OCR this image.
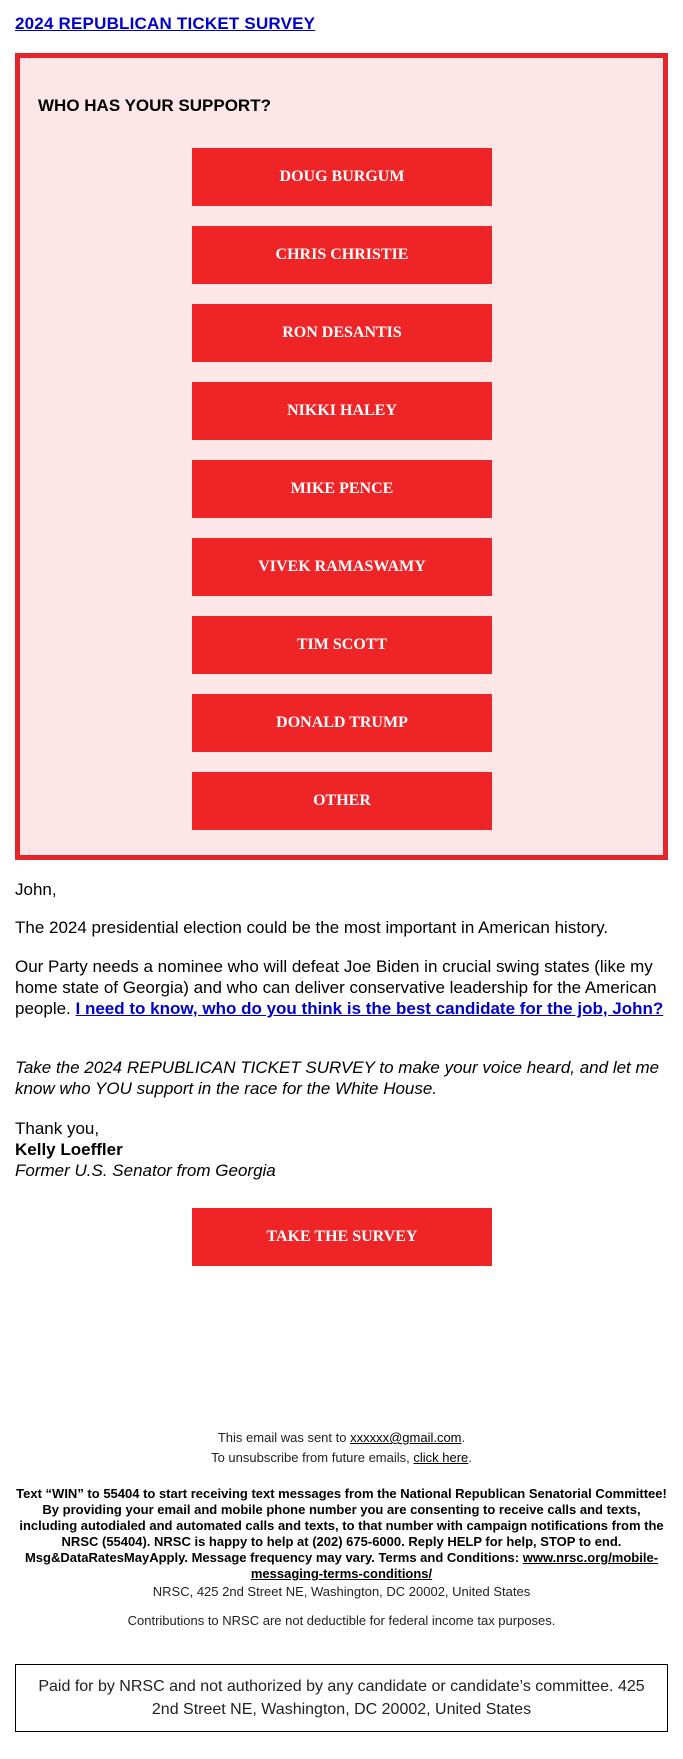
2024 REPUBLICAN TICKET SURVEY
WHO HAS YOUR SUPPORT?
DOUG BURGUM
CHRIS CHRISTIE
RON DESANTIS
NIKKI HALEY
MIKE PENCE
VIVEK RAMASWAMY
TIM SCOTT
DONALD TRUMP
OTHER
John,
The 2024 presidential election could be the most important in American history.
Our Party needs a nominee who will defeat Joe Biden in crucial swing states (like my home state of Georgia) and who can deliver conservative leadership for the American people. I need to know, who do you think is the best candidate for the job, John?
Take the 2024 REPUBLICAN TICKET SURVEY to make your voice heard, and let me know who YOU support in the race for the White House.
Thank you,
Kelly Loeffler
Former U.S. Senator from Georgia
TAKE THE SURVEY
This email was sent to xxxxxx@gmail.com.
To unsubscribe from future emails, click here.
Text “WIN” to 55404 to start receiving text messages from the National Republican Senatorial Committee! By providing your email and mobile phone number you are consenting to receive calls and texts, including autodialed and automated calls and texts, to that number with campaign notifications from the NRSC (55404). NRSC is happy to help at (202) 675-6000. Reply HELP for help, STOP to end. Msg&DataRatesMayApply. Message frequency may vary. Terms and Conditions: www.nrsc.org/mobile-messaging-terms-conditions/
NRSC, 425 2nd Street NE, Washington, DC 20002, United States
Contributions to NRSC are not deductible for federal income tax purposes.
Paid for by NRSC and not authorized by any candidate or candidate’s committee. 425 2nd Street NE, Washington, DC 20002, United States
